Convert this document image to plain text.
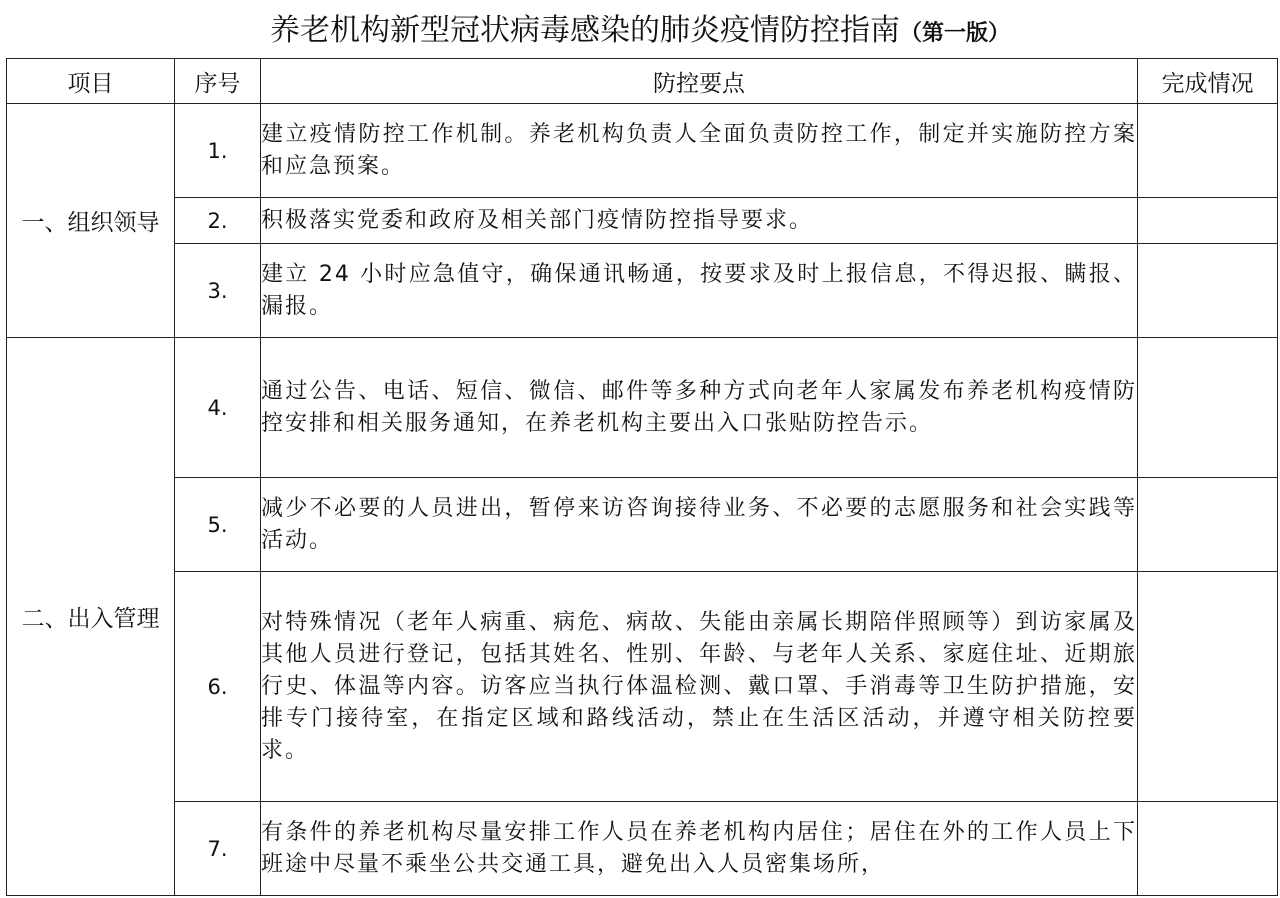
养老机构新型冠状病毒感染的肺炎疫情防控指南（第一版）
项目	序号	防控要点	完成情况
一、组织领导	1.	建立疫情防控工作机制。养老机构负责人全面负责防控工作，制定并实施防控方案和应急预案。	
	2.	积极落实党委和政府及相关部门疫情防控指导要求。	
	3.	建立 24 小时应急值守，确保通讯畅通，按要求及时上报信息，不得迟报、瞒报、漏报。	
二、出入管理	4.	通过公告、电话、短信、微信、邮件等多种方式向老年人家属发布养老机构疫情防控安排和相关服务通知，在养老机构主要出入口张贴防控告示。	
	5.	减少不必要的人员进出，暂停来访咨询接待业务、不必要的志愿服务和社会实践等活动。	
	6.	对特殊情况（老年人病重、病危、病故、失能由亲属长期陪伴照顾等）到访家属及其他人员进行登记，包括其姓名、性别、年龄、与老年人关系、家庭住址、近期旅行史、体温等内容。访客应当执行体温检测、戴口罩、手消毒等卫生防护措施，安排专门接待室，在指定区域和路线活动，禁止在生活区活动，并遵守相关防控要求。	
	7.	有条件的养老机构尽量安排工作人员在养老机构内居住；居住在外的工作人员上下班途中尽量不乘坐公共交通工具，避免出入人员密集场所，	
